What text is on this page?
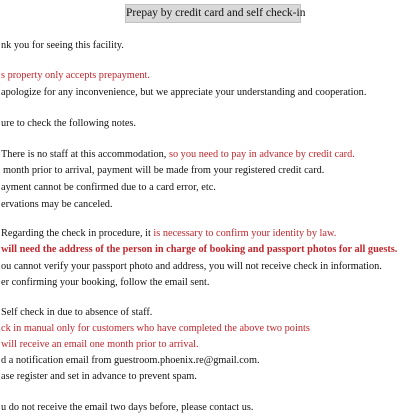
Prepay by credit card and self check-in
nk you for seeing this facility.
s property only accepts prepayment.
apologize for any inconvenience, but we appreciate your understanding and cooperation.
ure to check the following notes.
There is no staff at this accommodation, so you need to pay in advance by credit card.
month prior to arrival, payment will be made from your registered credit card.
ayment cannot be confirmed due to a card error, etc.
ervations may be canceled.
Regarding the check in procedure, it is necessary to confirm your identity by law.
will need the address of the person in charge of booking and passport photos for all guests.
ou cannot verify your passport photo and address, you will not receive check in information.
er confirming your booking, follow the email sent.
Self check in due to absence of staff.
ck in manual only for customers who have completed the above two points
will receive an email one month prior to arrival.
d a notification email from guestroom.phoenix.re@gmail.com.
ase register and set in advance to prevent spam.
u do not receive the email two days before, please contact us.
